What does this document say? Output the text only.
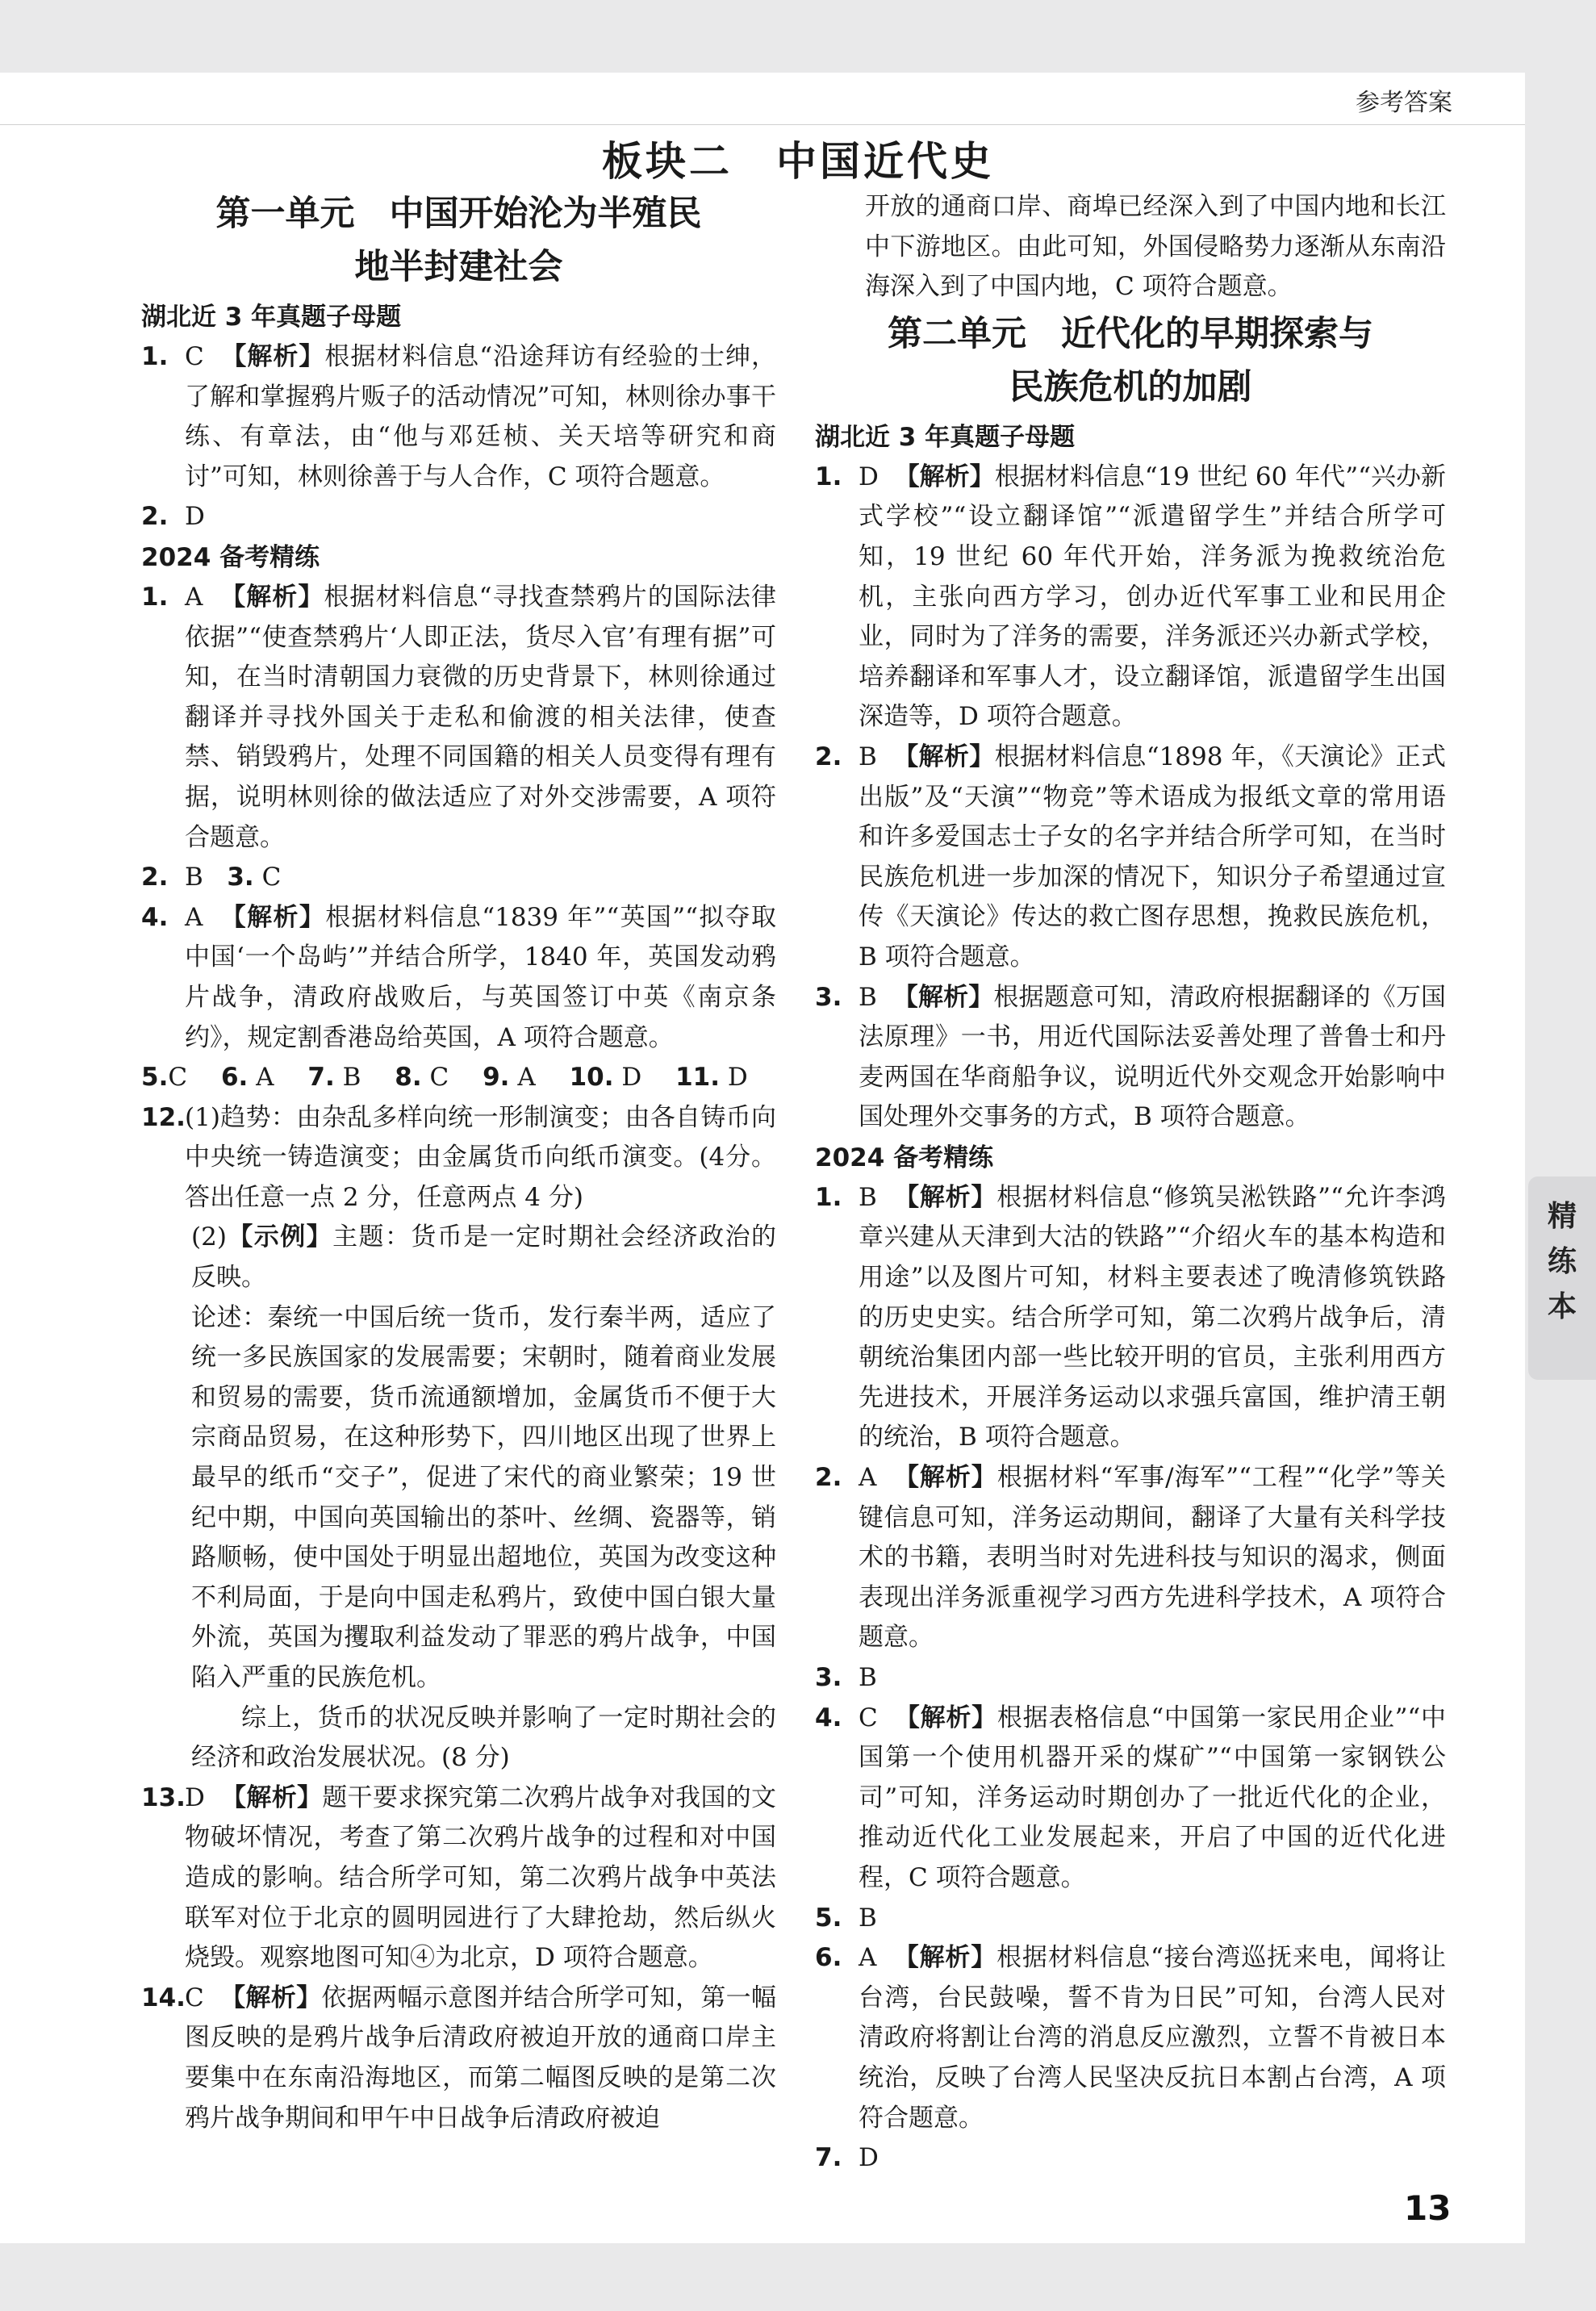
参考答案
板块二　中国近代史
第一单元　中国开始沦为半殖民
地半封建社会
湖北近 3 年真题子母题
1. C 【解析】根据材料信息“沿途拜访有经验的士绅，了解和掌握鸦片贩子的活动情况”可知，林则徐办事干练、有章法，由“他与邓廷桢、关天培等研究和商讨”可知，林则徐善于与人合作，C 项符合题意。
2. D
2024 备考精练
1. A 【解析】根据材料信息“寻找查禁鸦片的国际法律依据”“使查禁鸦片‘人即正法，货尽入官’有理有据”可知，在当时清朝国力衰微的历史背景下，林则徐通过翻译并寻找外国关于走私和偷渡的相关法律，使查禁、销毁鸦片，处理不同国籍的相关人员变得有理有据，说明林则徐的做法适应了对外交涉需要，A 项符合题意。
2. B 3. C
4. A 【解析】根据材料信息“1839 年”“英国”“拟夺取中国‘一个岛屿’”并结合所学，1840 年，英国发动鸦片战争，清政府战败后，与英国签订中英《南京条约》，规定割香港岛给英国，A 项符合题意。
5.C 6. A 7. B 8. C 9. A 10. D 11. D
12. (1)趋势：由杂乱多样向统一形制演变；由各自铸币向中央统一铸造演变；由金属货币向纸币演变。(4分。答出任意一点 2 分，任意两点 4 分)
(2)【示例】主题：货币是一定时期社会经济政治的反映。
论述：秦统一中国后统一货币，发行秦半两，适应了统一多民族国家的发展需要；宋朝时，随着商业发展和贸易的需要，货币流通额增加，金属货币不便于大宗商品贸易，在这种形势下，四川地区出现了世界上最早的纸币“交子”，促进了宋代的商业繁荣；19 世纪中期，中国向英国输出的茶叶、丝绸、瓷器等，销路顺畅，使中国处于明显出超地位，英国为改变这种不利局面，于是向中国走私鸦片，致使中国白银大量外流，英国为攫取利益发动了罪恶的鸦片战争，中国陷入严重的民族危机。
综上，货币的状况反映并影响了一定时期社会的经济和政治发展状况。(8 分)
13. D 【解析】题干要求探究第二次鸦片战争对我国的文物破坏情况，考查了第二次鸦片战争的过程和对中国造成的影响。结合所学可知，第二次鸦片战争中英法联军对位于北京的圆明园进行了大肆抢劫，然后纵火烧毁。观察地图可知④为北京，D 项符合题意。
14. C 【解析】依据两幅示意图并结合所学可知，第一幅图反映的是鸦片战争后清政府被迫开放的通商口岸主要集中在东南沿海地区，而第二幅图反映的是第二次鸦片战争期间和甲午中日战争后清政府被迫
开放的通商口岸、商埠已经深入到了中国内地和长江中下游地区。由此可知，外国侵略势力逐渐从东南沿海深入到了中国内地，C 项符合题意。
第二单元　近代化的早期探索与
民族危机的加剧
湖北近 3 年真题子母题
1. D 【解析】根据材料信息“19 世纪 60 年代”“兴办新式学校”“设立翻译馆”“派遣留学生”并结合所学可知，19 世纪 60 年代开始，洋务派为挽救统治危机，主张向西方学习，创办近代军事工业和民用企业，同时为了洋务的需要，洋务派还兴办新式学校，培养翻译和军事人才，设立翻译馆，派遣留学生出国深造等，D 项符合题意。
2. B 【解析】根据材料信息“1898 年，《天演论》正式出版”及“天演”“物竞”等术语成为报纸文章的常用语和许多爱国志士子女的名字并结合所学可知，在当时民族危机进一步加深的情况下，知识分子希望通过宣传《天演论》传达的救亡图存思想，挽救民族危机，B 项符合题意。
3. B 【解析】根据题意可知，清政府根据翻译的《万国法原理》一书，用近代国际法妥善处理了普鲁士和丹麦两国在华商船争议，说明近代外交观念开始影响中国处理外交事务的方式，B 项符合题意。
2024 备考精练
1. B 【解析】根据材料信息“修筑吴淞铁路”“允许李鸿章兴建从天津到大沽的铁路”“介绍火车的基本构造和用途”以及图片可知，材料主要表述了晚清修筑铁路的历史史实。结合所学可知，第二次鸦片战争后，清朝统治集团内部一些比较开明的官员，主张利用西方先进技术，开展洋务运动以求强兵富国，维护清王朝的统治，B 项符合题意。
2. A 【解析】根据材料“军事/海军”“工程”“化学”等关键信息可知，洋务运动期间，翻译了大量有关科学技术的书籍，表明当时对先进科技与知识的渴求，侧面表现出洋务派重视学习西方先进科学技术，A 项符合题意。
3. B
4. C 【解析】根据表格信息“中国第一家民用企业”“中国第一个使用机器开采的煤矿”“中国第一家钢铁公司”可知，洋务运动时期创办了一批近代化的企业，推动近代化工业发展起来，开启了中国的近代化进程，C 项符合题意。
5. B
6. A 【解析】根据材料信息“接台湾巡抚来电，闻将让台湾，台民鼓噪，誓不肯为日民”可知，台湾人民对清政府将割让台湾的消息反应激烈，立誓不肯被日本统治，反映了台湾人民坚决反抗日本割占台湾，A 项符合题意。
7. D
精
练
本
13
